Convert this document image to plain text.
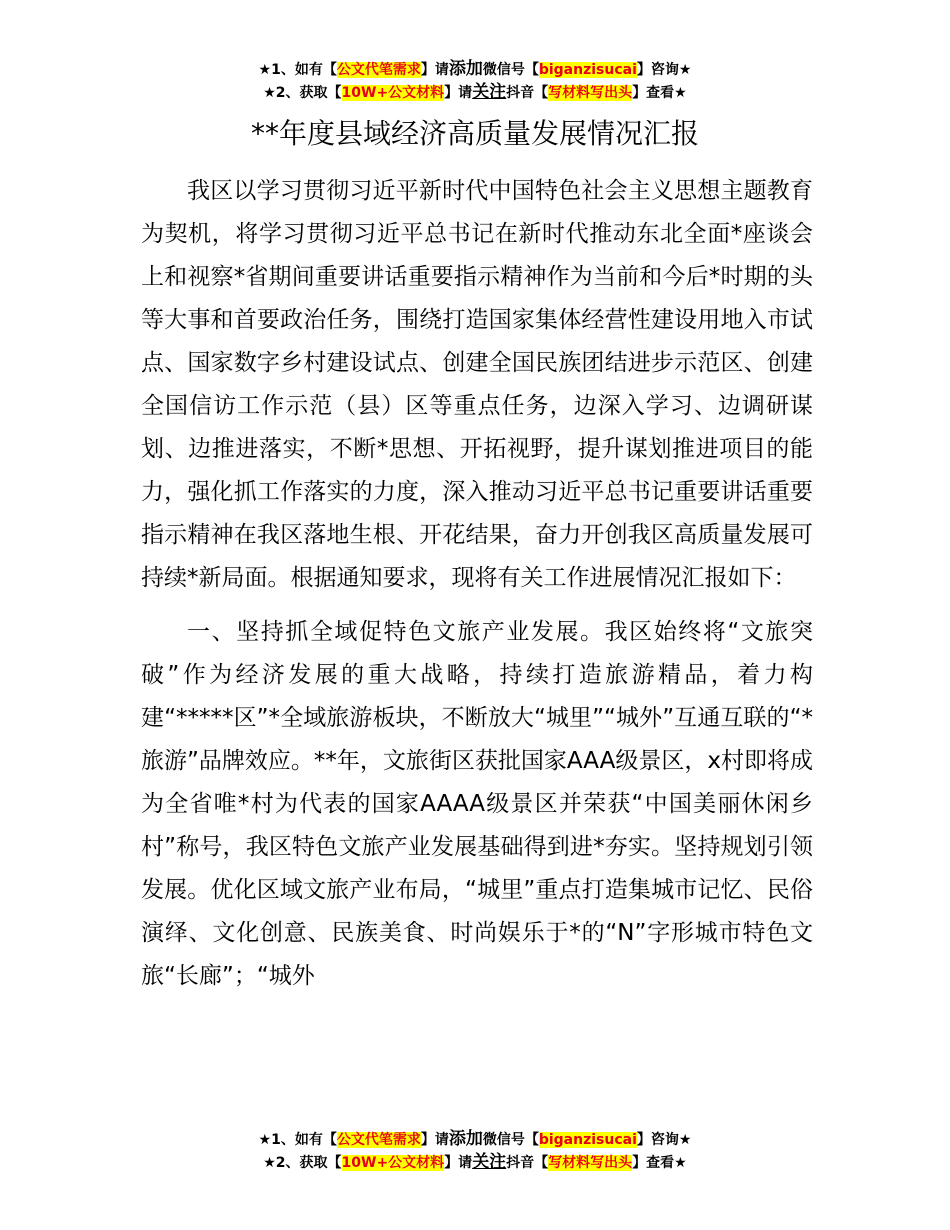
★1、如有【公文代笔需求】请添加微信号【biganzisucai】咨询★
★2、获取【10W+公文材料】请关注抖音【写材料写出头】查看★
**年度县域经济高质量发展情况汇报

我区以学习贯彻习近平新时代中国特色社会主义思想主题教育为契机，将学习贯彻习近平总书记在新时代推动东北全面*座谈会上和视察*省期间重要讲话重要指示精神作为当前和今后*时期的头等大事和首要政治任务，围绕打造国家集体经营性建设用地入市试点、国家数字乡村建设试点、创建全国民族团结进步示范区、创建全国信访工作示范（县）区等重点任务，边深入学习、边调研谋划、边推进落实，不断*思想、开拓视野，提升谋划推进项目的能力，强化抓工作落实的力度，深入推动习近平总书记重要讲话重要指示精神在我区落地生根、开花结果，奋力开创我区高质量发展可持续*新局面。根据通知要求，现将有关工作进展情况汇报如下：

一、坚持抓全域促特色文旅产业发展。我区始终将“文旅突破”作为经济发展的重大战略，持续打造旅游精品，着力构建“*****区”*全域旅游板块，不断放大“城里”“城外”互通互联的“*旅游”品牌效应。**年，文旅街区获批国家AAA级景区，x村即将成为全省唯*村为代表的国家AAAA级景区并荣获“中国美丽休闲乡村”称号，我区特色文旅产业发展基础得到进*夯实。坚持规划引领发展。优化区域文旅产业布局，“城里”重点打造集城市记忆、民俗演绎、文化创意、民族美食、时尚娱乐于*的“N”字形城市特色文旅“长廊”；“城外

★1、如有【公文代笔需求】请添加微信号【biganzisucai】咨询★
★2、获取【10W+公文材料】请关注抖音【写材料写出头】查看★
